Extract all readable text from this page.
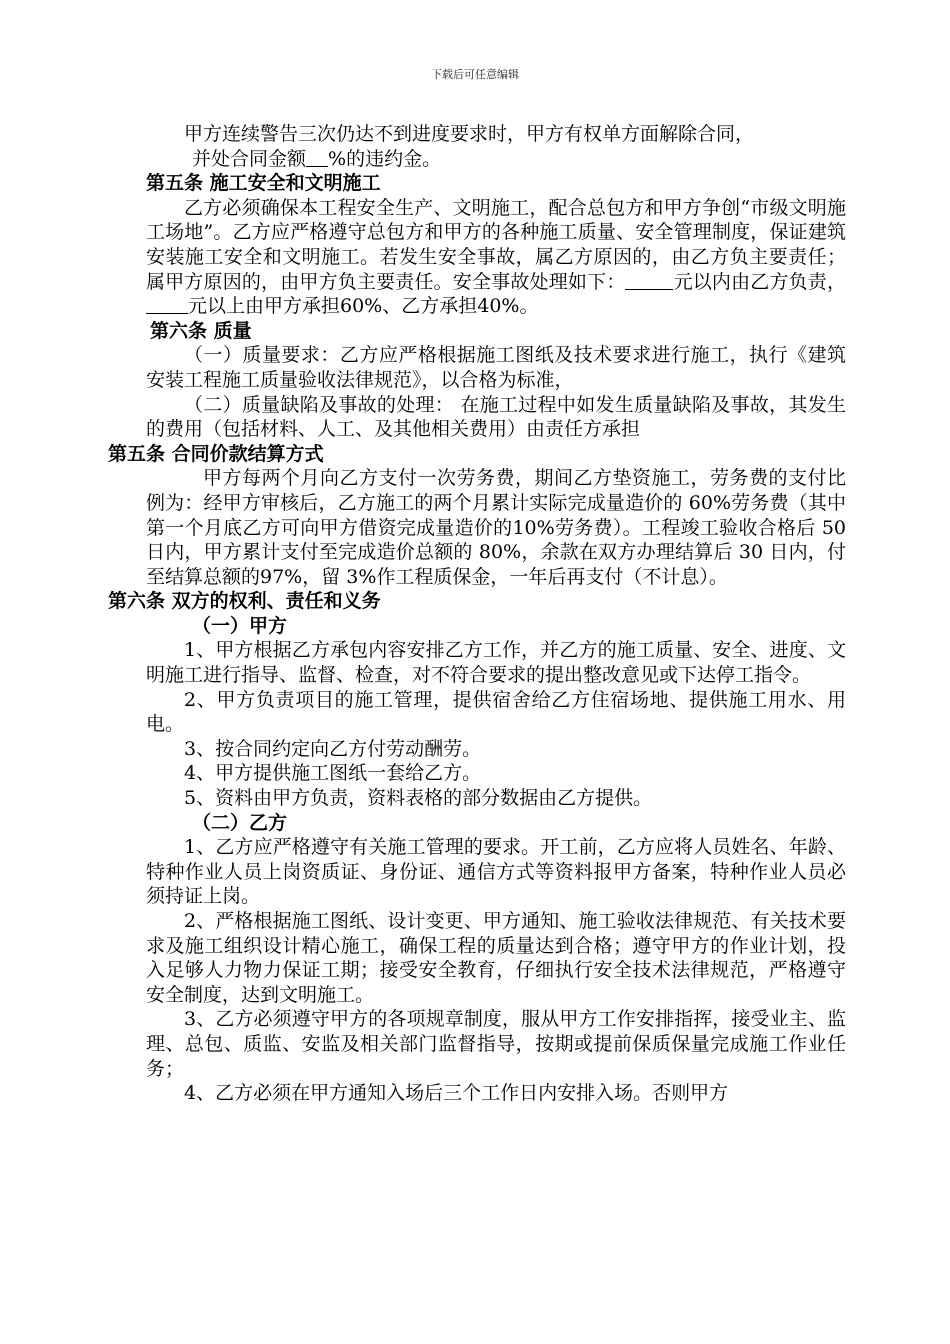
下载后可任意编辑

甲方连续警告三次仍达不到进度要求时，甲方有权单方面解除合同，

并处合同金额 %的违约金。

第五条 施工安全和文明施工

乙方必须确保本工程安全生产、文明施工，配合总包方和甲方争创“市级文明施工场地”。乙方应严格遵守总包方和甲方的各种施工质量、安全管理制度，保证建筑安装施工安全和文明施工。若发生安全事故，属乙方原因的，由乙方负主要责任；属甲方原因的，由甲方负主要责任。安全事故处理如下：	元以内由乙方负责，元以上由甲方承担60%、乙方承担40%。

第六条 质量

（一）质量要求：乙方应严格根据施工图纸及技术要求进行施工，执行《建筑安装工程施工质量验收法律规范》，以合格为标准，

（二）质量缺陷及事故的处理： 在施工过程中如发生质量缺陷及事故，其发生的费用（包括材料、人工、及其他相关费用）由责任方承担

第五条 合同价款结算方式

甲方每两个月向乙方支付一次劳务费，期间乙方垫资施工，劳务费的支付比例为：经甲方审核后，乙方施工的两个月累计实际完成量造价的 60%劳务费（其中第一个月底乙方可向甲方借资完成量造价的10%劳务费）。工程竣工验收合格后 50 日内，甲方累计支付至完成造价总额的 80%，余款在双方办理结算后 30 日内，付至结算总额的97%，留 3%作工程质保金，一年后再支付（不计息）。

第六条 双方的权利、责任和义务

（一）甲方

1、甲方根据乙方承包内容安排乙方工作，并乙方的施工质量、安全、进度、文明施工进行指导、监督、检查，对不符合要求的提出整改意见或下达停工指令。

2、甲方负责项目的施工管理，提供宿舍给乙方住宿场地、提供施工用水、用电。

3、按合同约定向乙方付劳动酬劳。

4、甲方提供施工图纸一套给乙方。

5、资料由甲方负责，资料表格的部分数据由乙方提供。

（二）乙方

1、乙方应严格遵守有关施工管理的要求。开工前，乙方应将人员姓名、年龄、特种作业人员上岗资质证、身份证、通信方式等资料报甲方备案，特种作业人员必须持证上岗。

2、严格根据施工图纸、设计变更、甲方通知、施工验收法律规范、有关技术要求及施工组织设计精心施工，确保工程的质量达到合格；遵守甲方的作业计划，投入足够人力物力保证工期；接受安全教育，仔细执行安全技术法律规范，严格遵守安全制度，达到文明施工。

3、乙方必须遵守甲方的各项规章制度，服从甲方工作安排指挥，接受业主、监理、总包、质监、安监及相关部门监督指导，按期或提前保质保量完成施工作业任务；

4、乙方必须在甲方通知入场后三个工作日内安排入场。否则甲方
